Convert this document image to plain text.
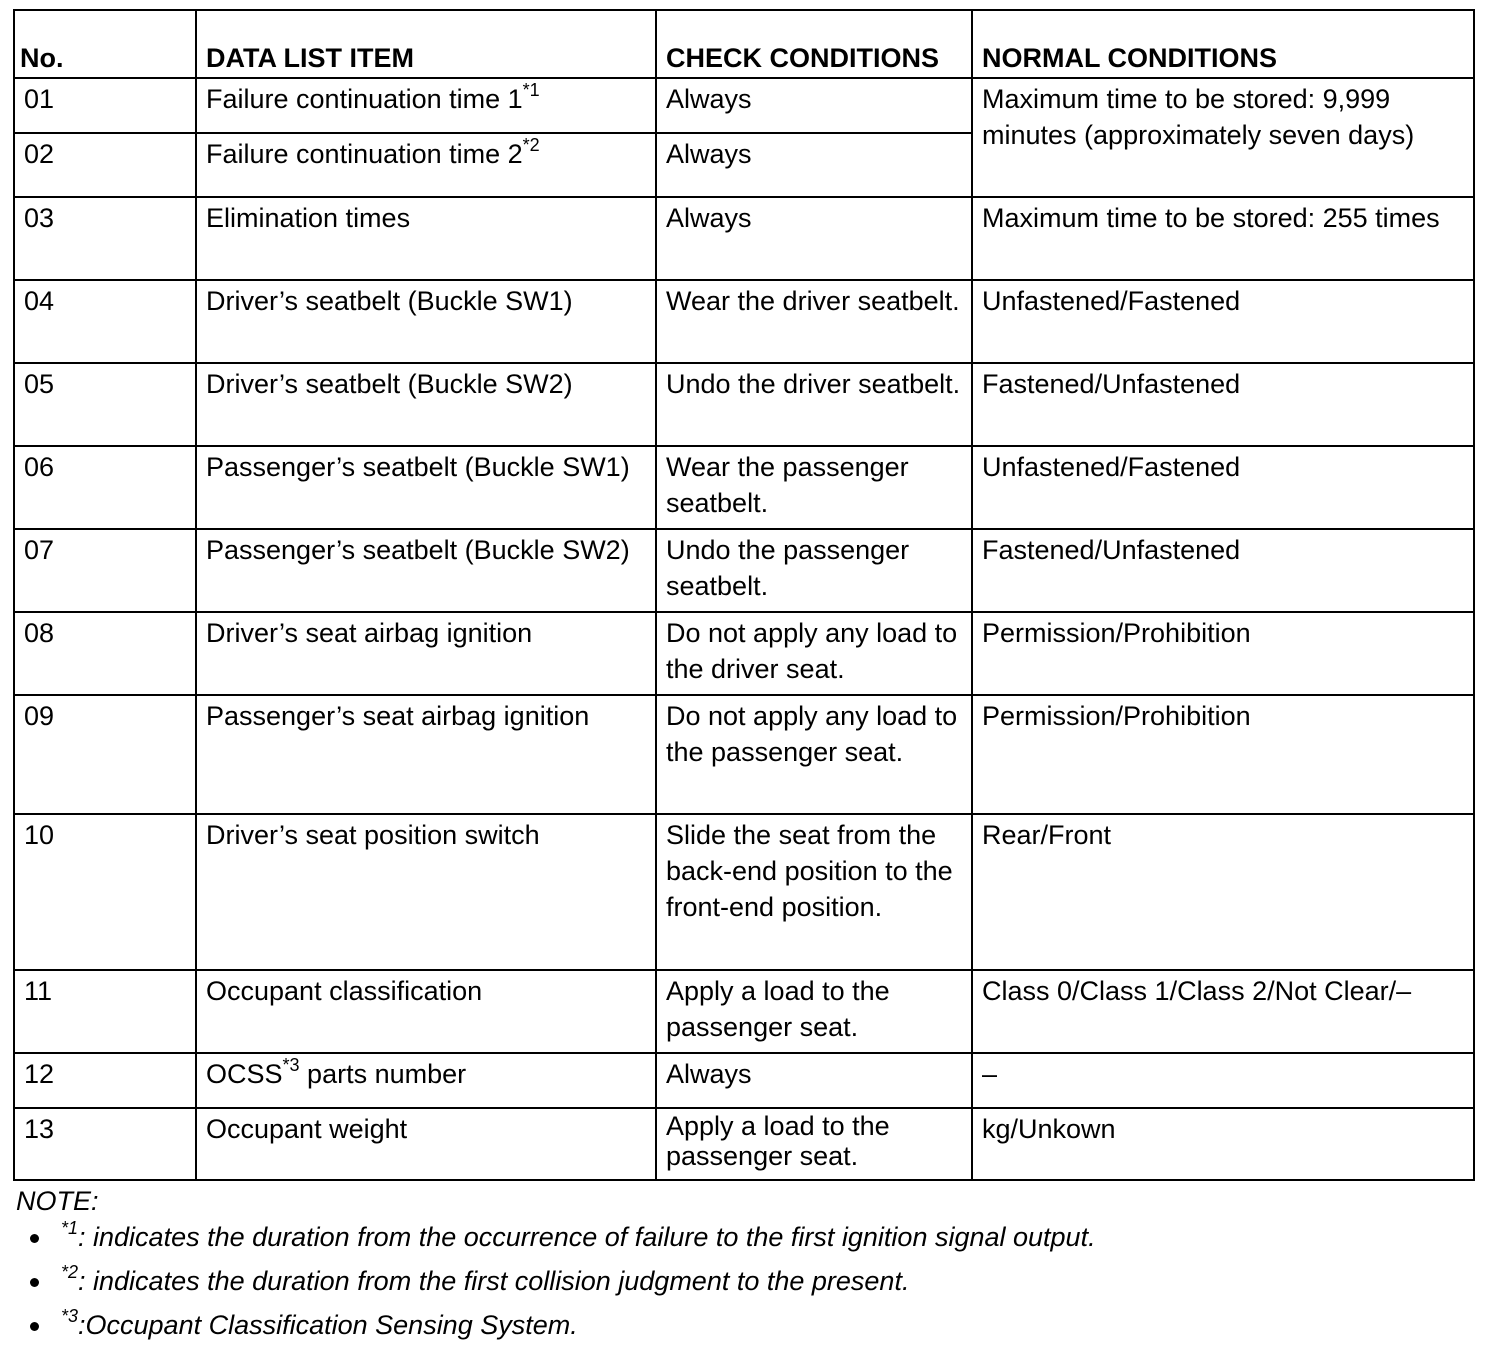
No.	DATA LIST ITEM	CHECK CONDITIONS	NORMAL CONDITIONS
01	Failure continuation time 1$^{*1}$	Always	Maximum time to be stored: 9,999 minutes (approximately seven days)
02	Failure continuation time 2$^{*2}$	Always	
03	Elimination times	Always	Maximum time to be stored: 255 times
04	Driver’s seatbelt (Buckle SW1)	Wear the driver seatbelt.	Unfastened/Fastened
05	Driver’s seatbelt (Buckle SW2)	Undo the driver seatbelt.	Fastened/Unfastened
06	Passenger’s seatbelt (Buckle SW1)	Wear the passenger seatbelt.	Unfastened/Fastened
07	Passenger’s seatbelt (Buckle SW2)	Undo the passenger seatbelt.	Fastened/Unfastened
08	Driver’s seat airbag ignition	Do not apply any load to the driver seat.	Permission/Prohibition
09	Passenger’s seat airbag ignition	Do not apply any load to the passenger seat.	Permission/Prohibition
10	Driver’s seat position switch	Slide the seat from the back-end position to the front-end position.	Rear/Front
11	Occupant classification	Apply a load to the passenger seat.	Class 0/Class 1/Class 2/Not Clear/–
12	OCSS$^{*3}$ parts number	Always	–
13	Occupant weight	Apply a load to the passenger seat.	kg/Unkown
NOTE:
$^{*1}$: indicates the duration from the occurrence of failure to the first ignition signal output.
$^{*2}$: indicates the duration from the first collision judgment to the present.
$^{*3}$:Occupant Classification Sensing System.
